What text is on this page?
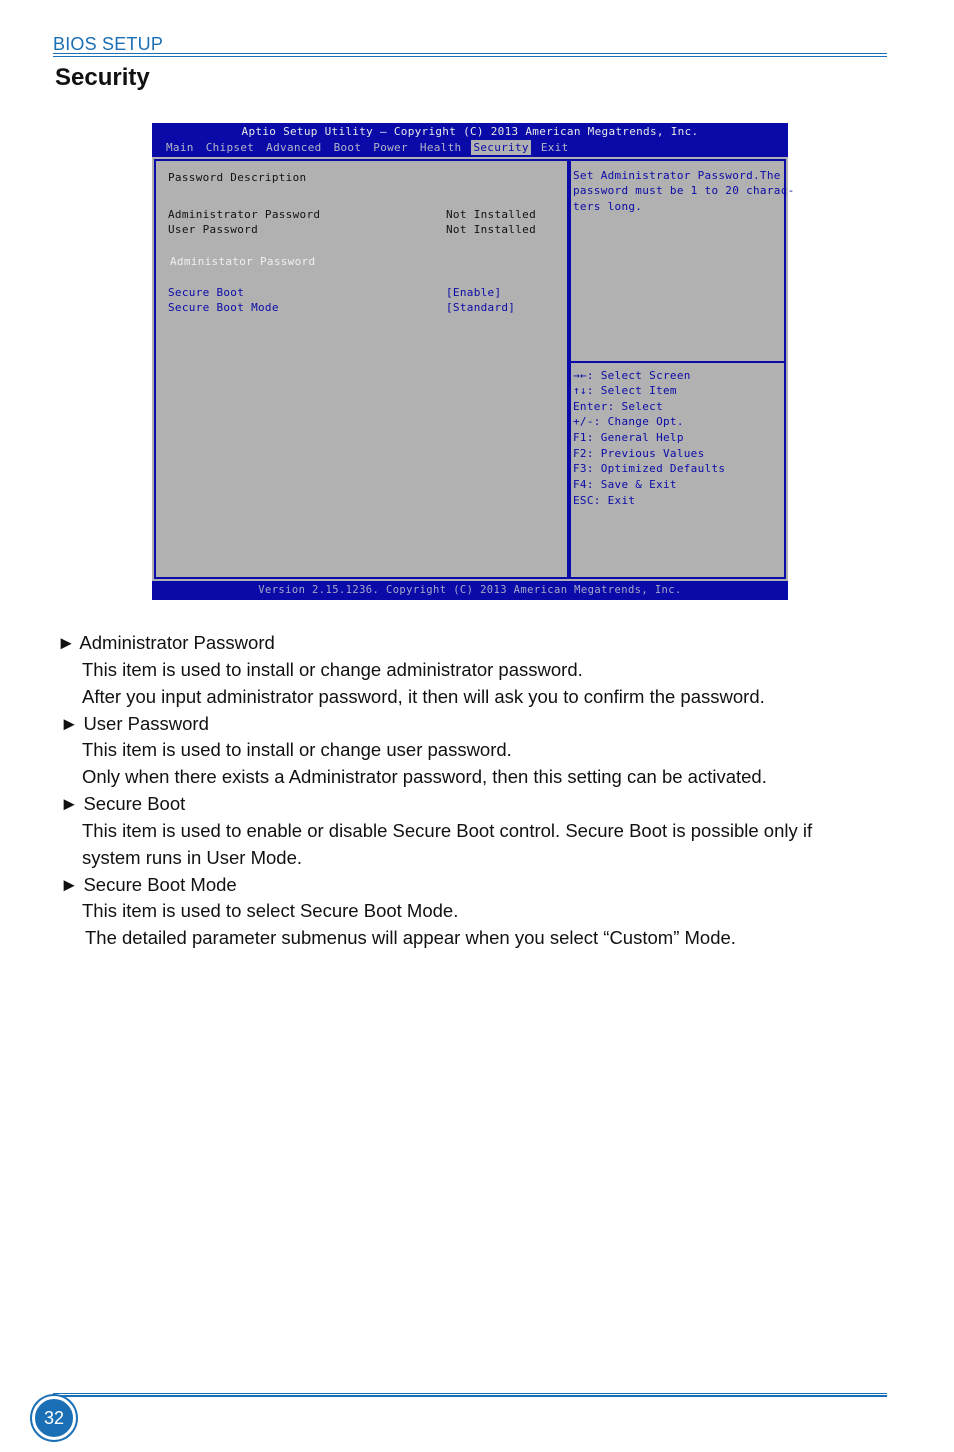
BIOS SETUP
Security
Aptio Setup Utility – Copyright (C) 2013 American Megatrends, Inc.
Main Chipset Advanced Boot Power Health Security Exit
Password Description
Administrator Password	Not Installed
User Password	Not Installed
Administator Password
Secure Boot	[Enable]
Secure Boot Mode	[Standard]
Set Administrator Password.The
password must be 1 to 20 charac-
ters long.
→←: Select Screen
↑↓: Select Item
Enter: Select
+/-: Change Opt.
F1: General Help
F2: Previous Values
F3: Optimized Defaults
F4: Save & Exit
ESC: Exit
Version 2.15.1236. Copyright (C) 2013 American Megatrends, Inc.
► Administrator Password
This item is used to install or change administrator password.
After you input administrator password, it then will ask you to confirm the password.
► User Password
This item is used to install or change user password.
Only when there exists a Administrator password, then this setting can be activated.
► Secure Boot
This item is used to enable or disable Secure Boot control. Secure Boot is possible only if
system runs in User Mode.
► Secure Boot Mode
This item is used to select Secure Boot Mode.
The detailed parameter submenus will appear when you select “Custom” Mode.
32
